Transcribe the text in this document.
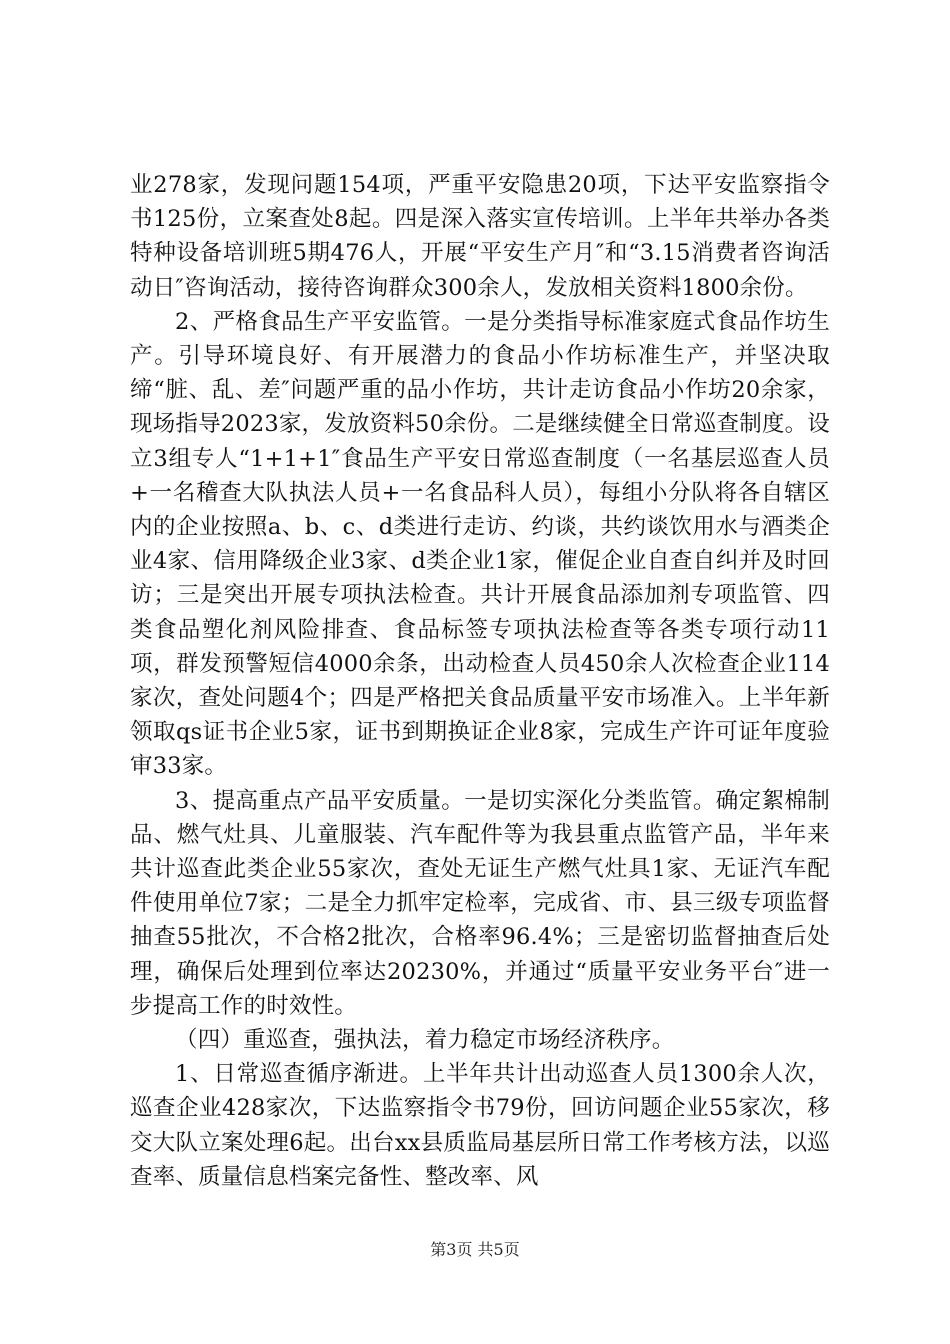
业278家，发现问题154项，严重平安隐患20项，下达平安监察指令书125份，立案查处8起。四是深入落实宣传培训。上半年共举办各类特种设备培训班5期476人，开展“平安生产月″和“3.15消费者咨询活动日″咨询活动，接待咨询群众300余人，发放相关资料1800余份。

2、严格食品生产平安监管。一是分类指导标准家庭式食品作坊生产。引导环境良好、有开展潜力的食品小作坊标准生产，并坚决取缔“脏、乱、差″问题严重的品小作坊，共计走访食品小作坊20余家，现场指导2023家，发放资料50余份。二是继续健全日常巡查制度。设立3组专人“1+1+1″食品生产平安日常巡查制度（一名基层巡查人员+一名稽查大队执法人员+一名食品科人员），每组小分队将各自辖区内的企业按照a、b、c、d类进行走访、约谈，共约谈饮用水与酒类企业4家、信用降级企业3家、d类企业1家，催促企业自查自纠并及时回访；三是突出开展专项执法检查。共计开展食品添加剂专项监管、四类食品塑化剂风险排查、食品标签专项执法检查等各类专项行动11项，群发预警短信4000余条，出动检查人员450余人次检查企业114家次，查处问题4个；四是严格把关食品质量平安市场准入。上半年新领取qs证书企业5家，证书到期换证企业8家，完成生产许可证年度验审33家。

3、提高重点产品平安质量。一是切实深化分类监管。确定絮棉制品、燃气灶具、儿童服装、汽车配件等为我县重点监管产品，半年来共计巡查此类企业55家次，查处无证生产燃气灶具1家、无证汽车配件使用单位7家；二是全力抓牢定检率，完成省、市、县三级专项监督抽查55批次，不合格2批次，合格率96.4%；三是密切监督抽查后处理，确保后处理到位率达20230%，并通过“质量平安业务平台″进一步提高工作的时效性。

（四）重巡查，强执法，着力稳定市场经济秩序。

1、日常巡查循序渐进。上半年共计出动巡查人员1300余人次，巡查企业428家次，下达监察指令书79份，回访问题企业55家次，移交大队立案处理6起。出台xx县质监局基层所日常工作考核方法，以巡查率、质量信息档案完备性、整改率、风

第3页 共5页
